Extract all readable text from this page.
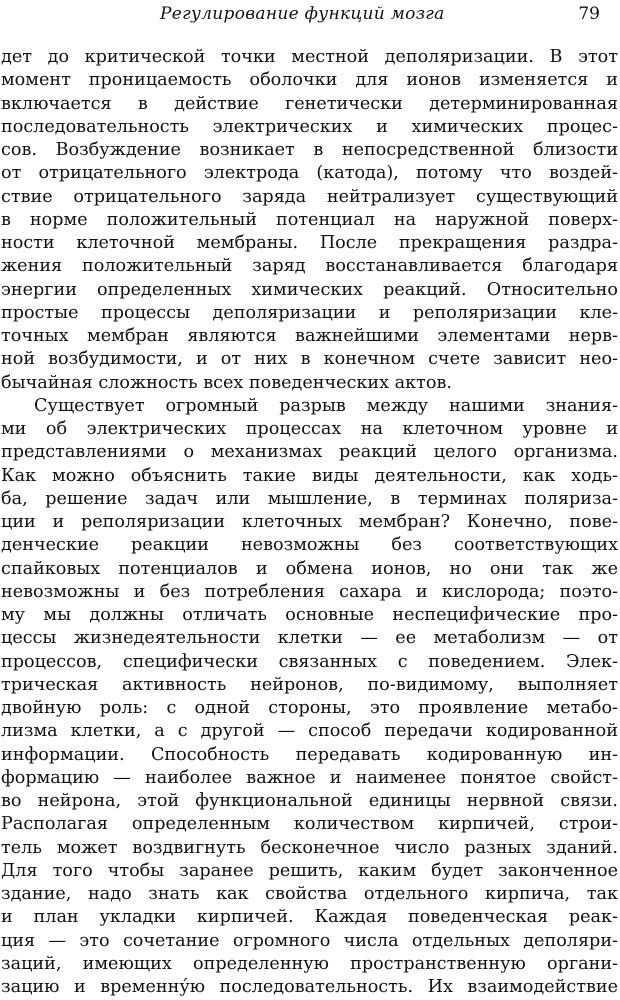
Регулирование функций мозга	79
дет до критической точки местной деполяризации. В этот
момент проницаемость оболочки для ионов изменяется и
включается в действие генетически детерминированная
последовательность электрических и химических процес-
сов. Возбуждение возникает в непосредственной близости
от отрицательного электрода (катода), потому что воздей-
ствие отрицательного заряда нейтрализует существующий
в норме положительный потенциал на наружной поверх-
ности клеточной мембраны. После прекращения раздра-
жения положительный заряд восстанавливается благодаря
энергии определенных химических реакций. Относительно
простые процессы деполяризации и реполяризации кле-
точных мембран являются важнейшими элементами нерв-
ной возбудимости, и от них в конечном счете зависит нео-
бычайная сложность всех поведенческих актов.
Существует огромный разрыв между нашими знания-
ми об электрических процессах на клеточном уровне и
представлениями о механизмах реакций целого организма.
Как можно объяснить такие виды деятельности, как ходь-
ба, решение задач или мышление, в терминах поляриза-
ции и реполяризации клеточных мембран? Конечно, пове-
денческие реакции невозможны без соответствующих
спайковых потенциалов и обмена ионов, но они так же
невозможны и без потребления сахара и кислорода; поэто-
му мы должны отличать основные неспецифические про-
цессы жизнедеятельности клетки — ее метаболизм — от
процессов, специфически связанных с поведением. Элек-
трическая активность нейронов, по-видимому, выполняет
двойную роль: с одной стороны, это проявление метабо-
лизма клетки, а с другой — способ передачи кодированной
информации. Способность передавать кодированную ин-
формацию — наиболее важное и наименее понятое свойст-
во нейрона, этой функциональной единицы нервной связи.
Располагая определенным количеством кирпичей, строи-
тель может воздвигнуть бесконечное число разных зданий.
Для того чтобы заранее решить, каким будет законченное
здание, надо знать как свойства отдельного кирпича, так
и план укладки кирпичей. Каждая поведенческая реак-
ция — это сочетание огромного числа отдельных деполяри-
заций, имеющих определенную пространственную органи-
зацию и временну́ю последовательность. Их взаимодействие
